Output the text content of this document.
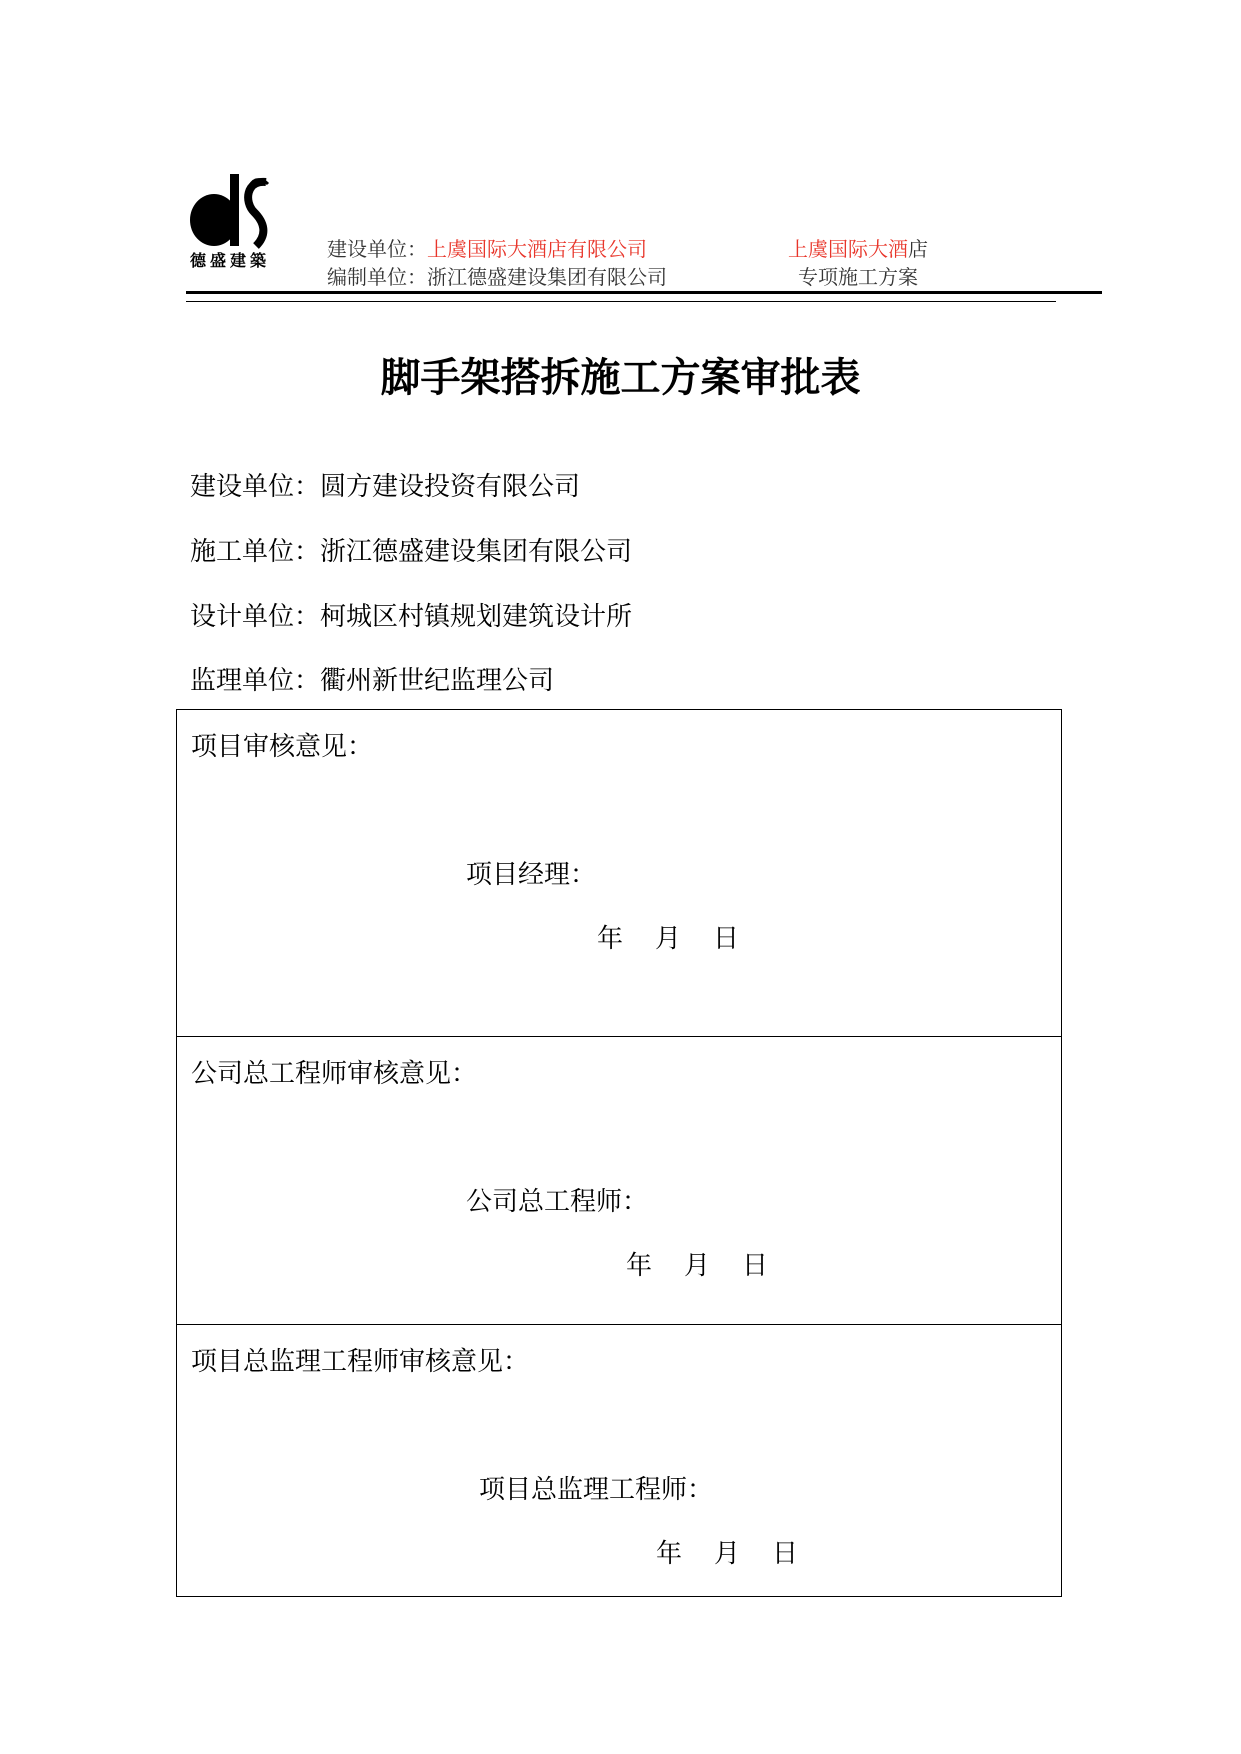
德盛建築	建设单位：上虞国际大酒店有限公司
编制单位：浙江德盛建设集团有限公司
上虞国际大酒店
专项施工方案
脚手架搭拆施工方案审批表
建设单位：圆方建设投资有限公司
施工单位：浙江德盛建设集团有限公司
设计单位：柯城区村镇规划建筑设计所
监理单位：衢州新世纪监理公司
项目审核意见：
项目经理：
年 月 日
公司总工程师审核意见：
公司总工程师：
年 月 日
项目总监理工程师审核意见：
项目总监理工程师：
年 月 日
